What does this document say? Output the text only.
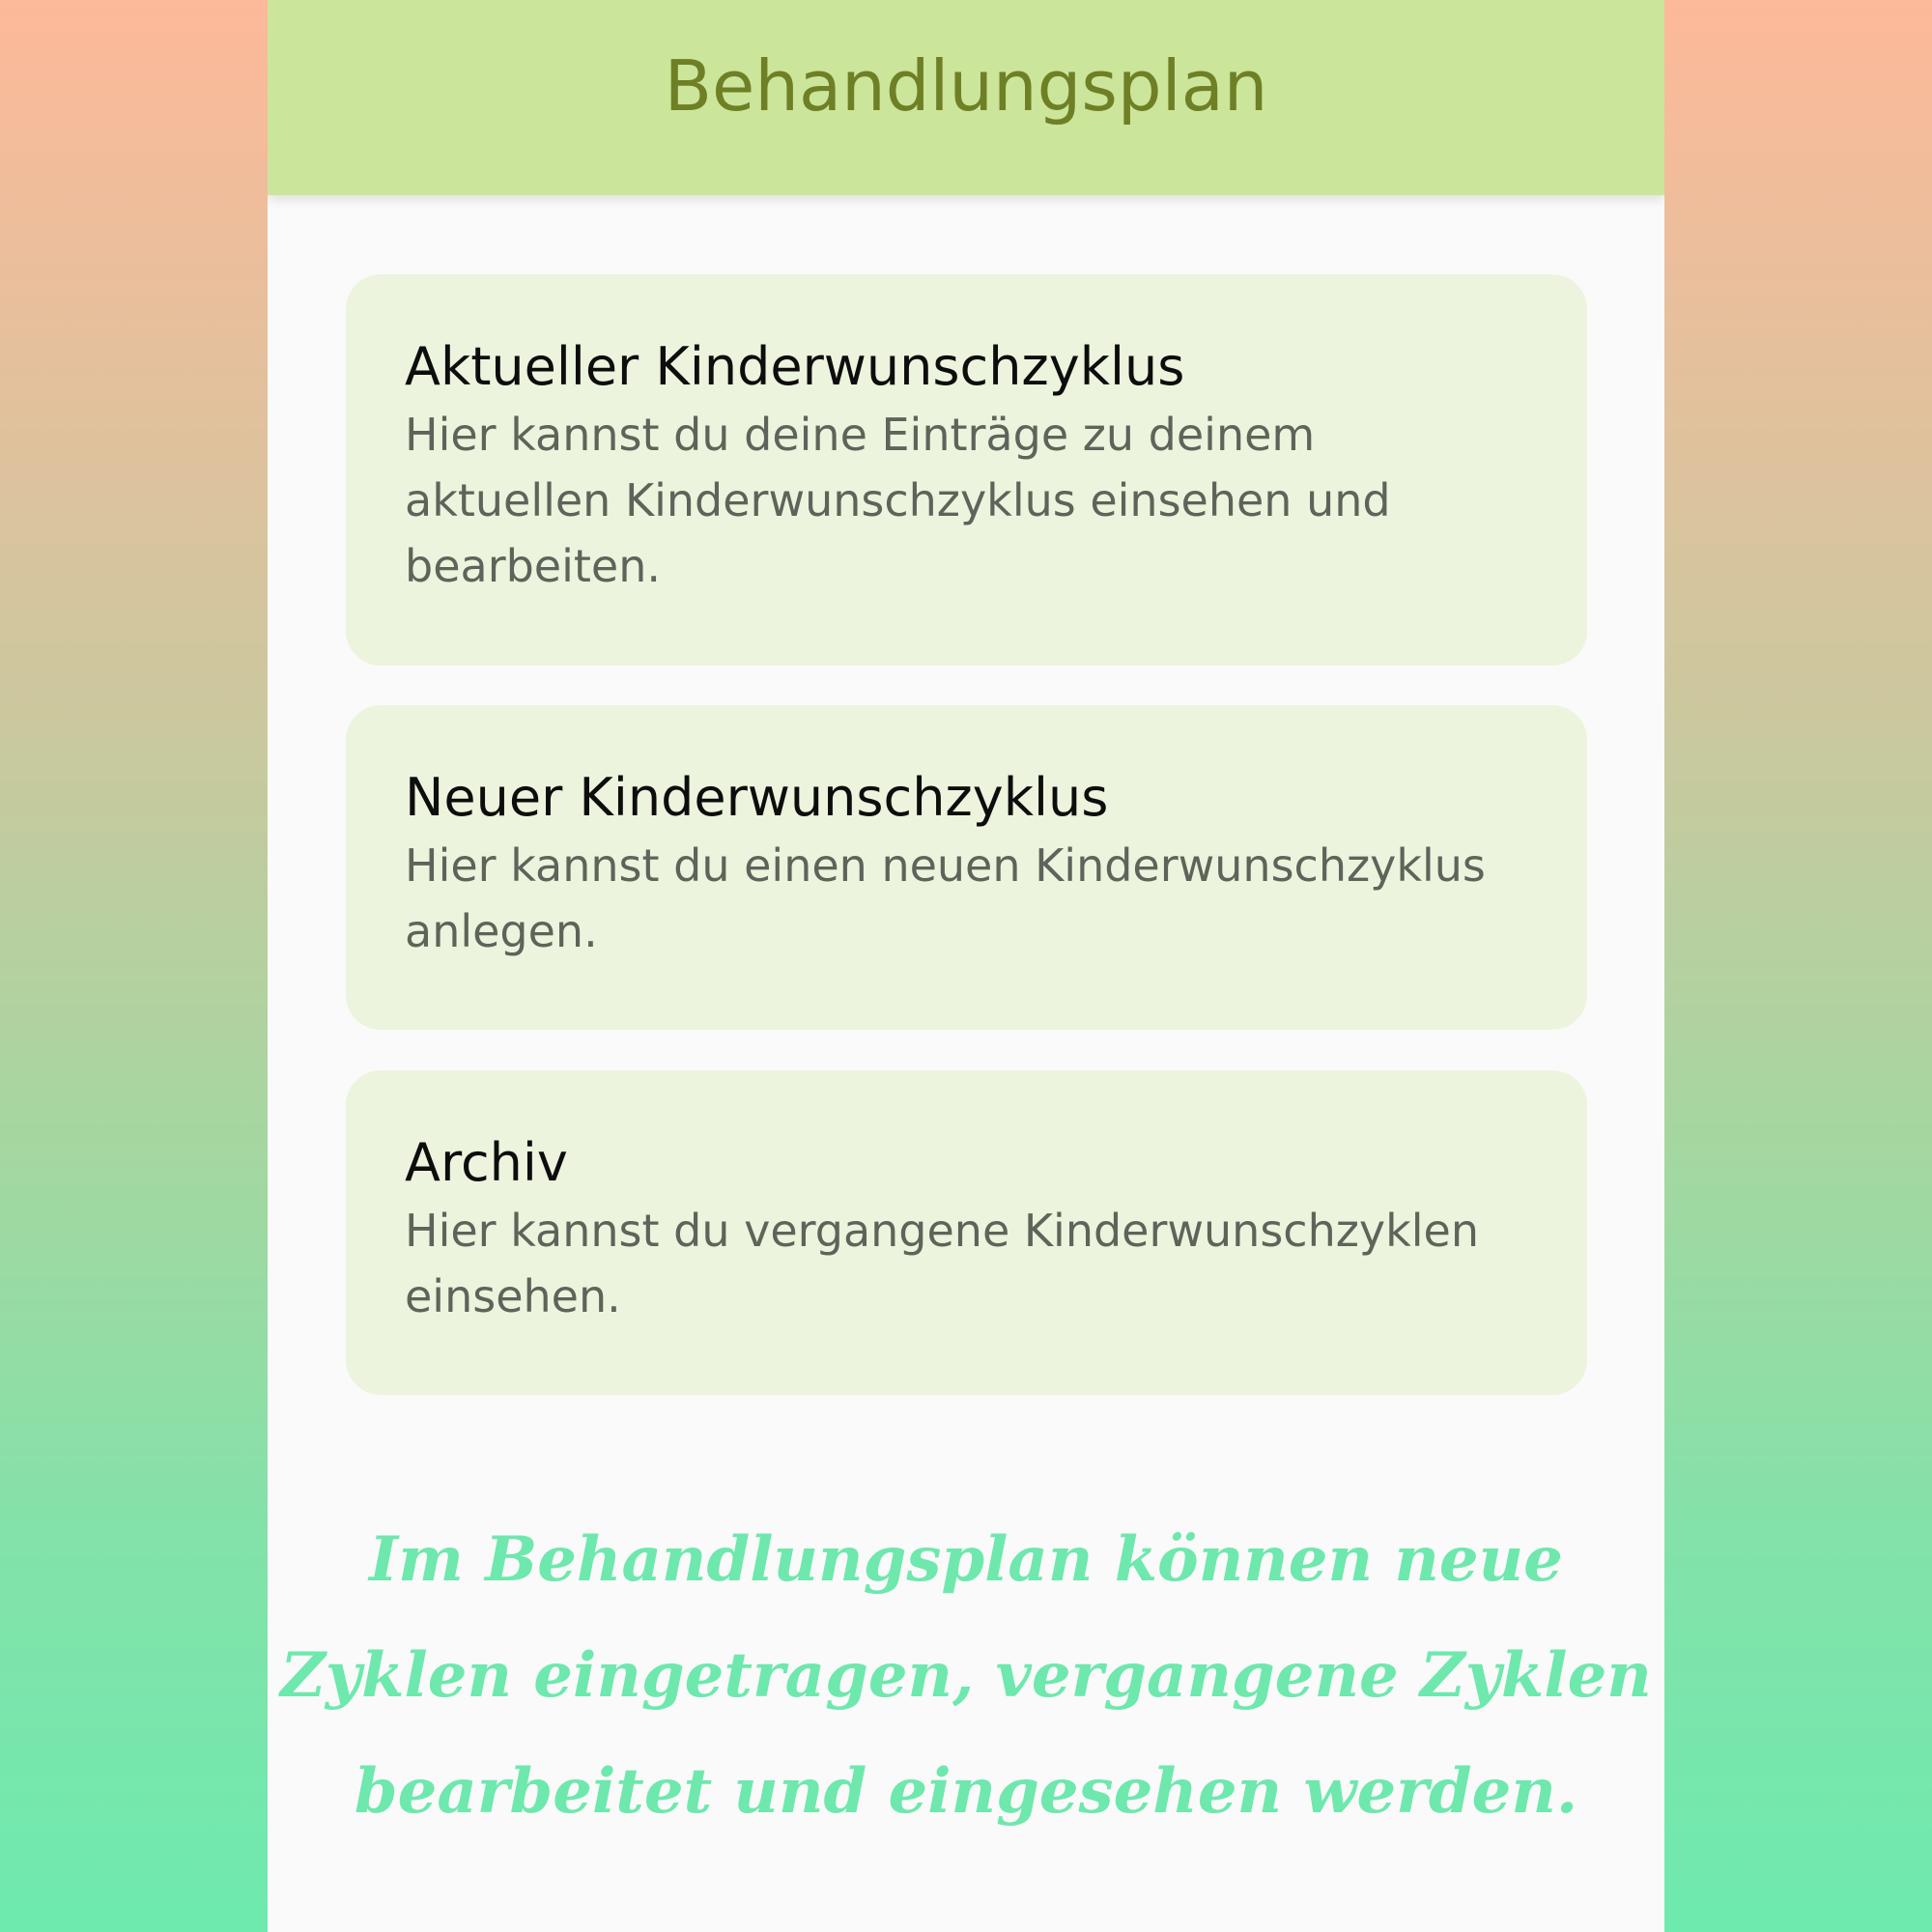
Behandlungsplan
Aktueller Kinderwunschzyklus
Hier kannst du deine Einträge zu deinem aktuellen Kinderwunschzyklus einsehen und bearbeiten.
Neuer Kinderwunschzyklus
Hier kannst du einen neuen Kinderwunschzyklus anlegen.
Archiv
Hier kannst du vergangene Kinderwunschzyklen einsehen.
Im Behandlungsplan können neue Zyklen eingetragen, vergangene Zyklen bearbeitet und eingesehen werden.
